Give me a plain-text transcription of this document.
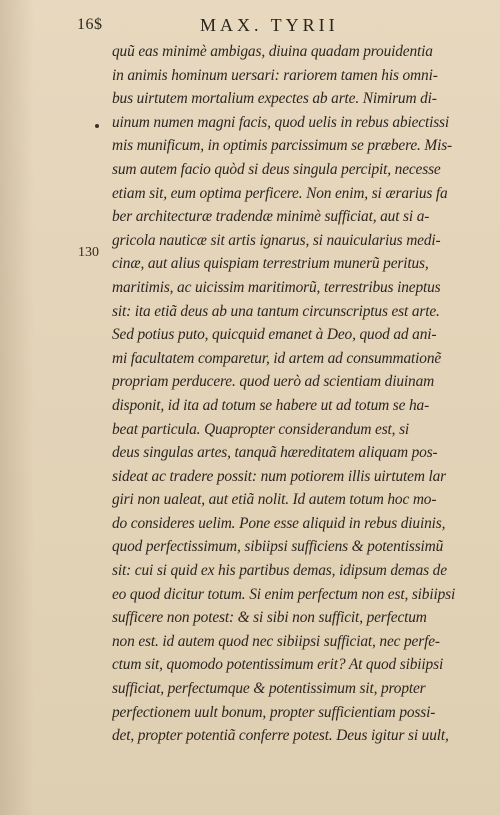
16$	MAX. TYRII
130
quũ eas minimè ambigas, diuina quadam prouidentia
in animis hominum uersari: rariorem tamen his omni-
bus uirtutem mortalium expectes ab arte. Nimirum di-
uinum numen magni facis, quod uelis in rebus abiectissi
mis munificum, in optimis parcissimum se præbere. Mis-
sum autem facio quòd si deus singula percipit, necesse
etiam sit, eum optima perficere. Non enim, si ærarius fa
ber architecturæ tradendæ minimè sufficiat, aut si a-
gricola nauticæ sit artis ignarus, si nauicularius medi-
cinæ, aut alius quispiam terrestrium munerũ peritus,
maritimis, ac uicissim maritimorũ, terrestribus ineptus
sit: ita etiã deus ab una tantum circunscriptus est arte.
Sed potius puto, quicquid emanet à Deo, quod ad ani-
mi facultatem comparetur, id artem ad consummationẽ
propriam perducere. quod uerò ad scientiam diuinam
disponit, id ita ad totum se habere ut ad totum se ha-
beat particula. Quapropter considerandum est, si
deus singulas artes, tanquã hæreditatem aliquam pos-
sideat ac tradere possit: num potiorem illis uirtutem lar
giri non ualeat, aut etiã nolit. Id autem totum hoc mo-
do consideres uelim. Pone esse aliquid in rebus diuinis,
quod perfectissimum, sibiipsi sufficiens & potentissimũ
sit: cui si quid ex his partibus demas, idipsum demas de
eo quod dicitur totum. Si enim perfectum non est, sibiipsi
sufficere non potest: & si sibi non sufficit, perfectum
non est. id autem quod nec sibiipsi sufficiat, nec perfe-
ctum sit, quomodo potentissimum erit? At quod sibiipsi
sufficiat, perfectumque & potentissimum sit, propter
perfectionem uult bonum, propter sufficientiam possi-
det, propter potentiã conferre potest. Deus igitur si uult,
